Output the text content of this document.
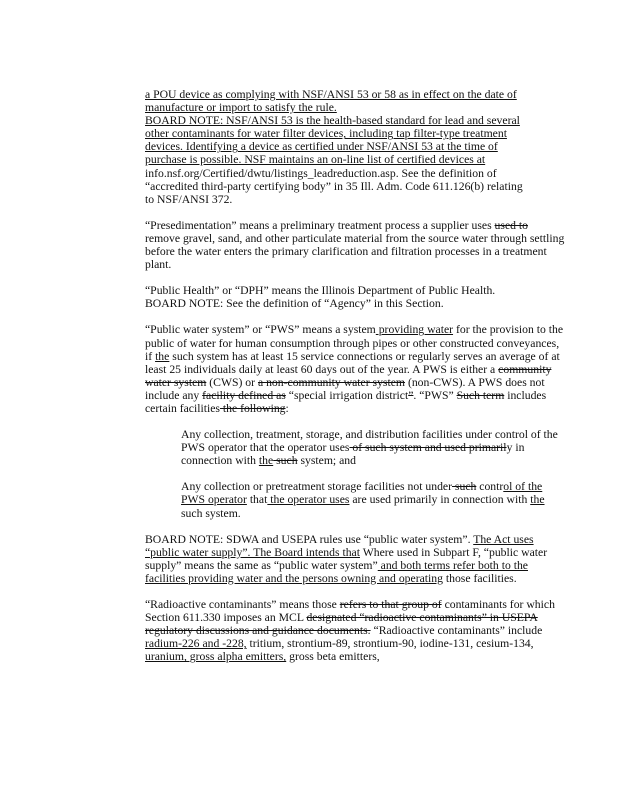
a POU device as complying with NSF/ANSI 53 or 58 as in effect on the date of

manufacture or import to satisfy the rule.

BOARD NOTE: NSF/ANSI 53 is the health-based standard for lead and several

other contaminants for water filter devices, including tap filter-type treatment

devices. Identifying a device as certified under NSF/ANSI 53 at the time of

purchase is possible. NSF maintains an on-line list of certified devices at

info.nsf.org/Certified/dwtu/listings_leadreduction.asp. See the definition of

“accredited third-party certifying body” in 35 Ill. Adm. Code 611.126(b) relating

to NSF/ANSI 372.

“Presedimentation” means a preliminary treatment process a supplier uses used to remove gravel, sand, and other particulate material from the source water through settling before the water enters the primary clarification and filtration processes in a treatment plant.

“Public Health” or “DPH” means the Illinois Department of Public Health.

BOARD NOTE: See the definition of “Agency” in this Section.

“Public water system” or “PWS” means a system providing water for the provision to the public of water for human consumption through pipes or other constructed conveyances, if the such system has at least 15 service connections or regularly serves an average of at least 25 individuals daily at least 60 days out of the year. A PWS is either a community water system (CWS) or a non-community water system (non-CWS). A PWS does not include any facility defined as “special irrigation district”. “PWS” Such term includes certain facilities the following:

Any collection, treatment, storage, and distribution facilities under control of the PWS operator that the operator uses of such system and used primarily in connection with the such system; and

Any collection or pretreatment storage facilities not under such control of the PWS operator that the operator uses are used primarily in connection with the such system.

BOARD NOTE: SDWA and USEPA rules use “public water system”. The Act uses “public water supply”. The Board intends that Where used in Subpart F, “public water supply” means the same as “public water system” and both terms refer both to the facilities providing water and the persons owning and operating those facilities.

“Radioactive contaminants” means those refers to that group of contaminants for which Section 611.330 imposes an MCL designated “radioactive contaminants” in USEPA regulatory discussions and guidance documents. “Radioactive contaminants” include radium-226 and -228, tritium, strontium-89, strontium-90, iodine-131, cesium-134, uranium, gross alpha emitters, gross beta emitters,
